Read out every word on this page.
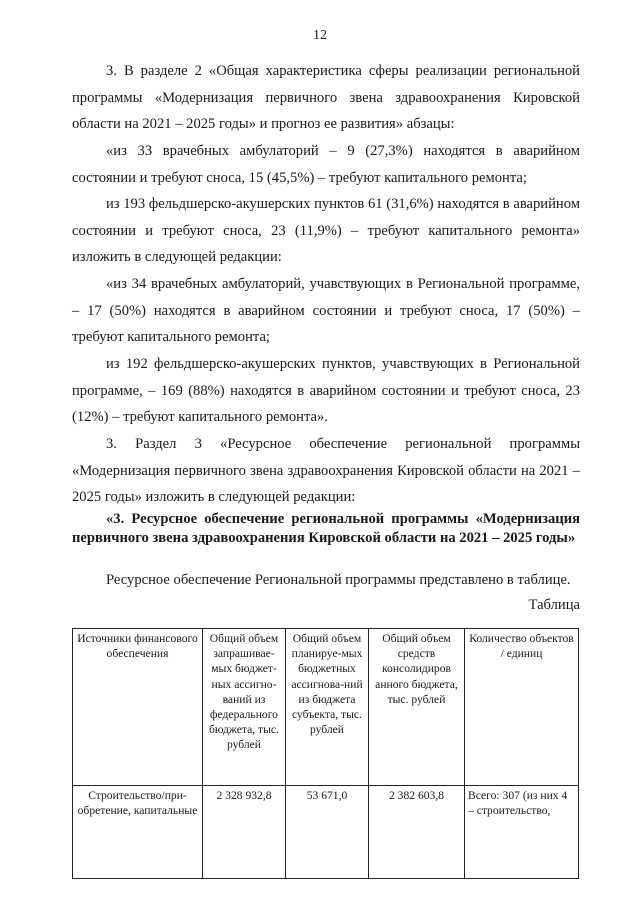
12

3. В разделе 2 «Общая характеристика сферы реализации региональной программы «Модернизация первичного звена здравоохранения Кировской области на 2021 – 2025 годы» и прогноз ее развития» абзацы:

«из 33 врачебных амбулаторий – 9 (27,3%) находятся в аварийном состоянии и требуют сноса, 15 (45,5%) – требуют капитального ремонта;

из 193 фельдшерско-акушерских пунктов 61 (31,6%) находятся в аварийном состоянии и требуют сноса, 23 (11,9%) – требуют капитального ремонта» изложить в следующей редакции:

«из 34 врачебных амбулаторий, учавствующих в Региональной программе, – 17 (50%) находятся в аварийном состоянии и требуют сноса, 17 (50%) – требуют капитального ремонта;

из 192 фельдшерско-акушерских пунктов, учавствующих в Региональной программе, – 169 (88%) находятся в аварийном состоянии и требуют сноса, 23 (12%) – требуют капитального ремонта».

3. Раздел 3 «Ресурсное обеспечение региональной программы «Модернизация первичного звена здравоохранения Кировской области на 2021 – 2025 годы» изложить в следующей редакции:

«3. Ресурсное обеспечение региональной программы «Модернизация первичного звена здравоохранения Кировской области на 2021 – 2025 годы»

Ресурсное обеспечение Региональной программы представлено в таблице.

Таблица
Источники финансового обеспечения	Общий объем запрашивае-мых бюджет-ных ассигно-ваний из федерального бюджета, тыс. рублей	Общий объем планируе-мых бюджетных ассигнова-ний из бюджета субъекта, тыс. рублей	Общий объем средств консолидиров анного бюджета, тыс. рублей	Количество объектов / единиц
Строительство/при-обретение, капитальные	2 328 932,8	53 671,0	2 382 603,8	Всего: 307 (из них 4 – строительство,
